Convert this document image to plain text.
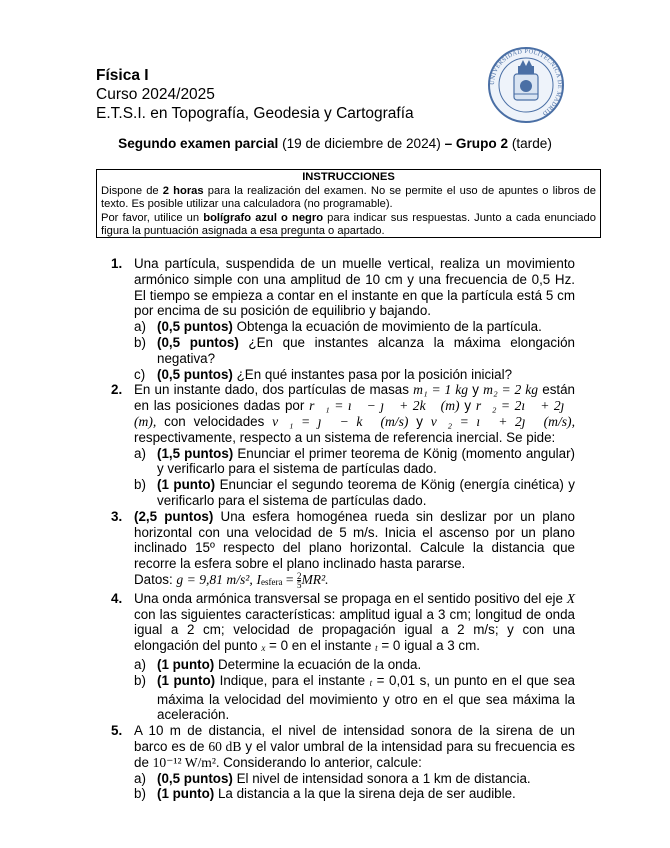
Física I
Curso 2024/2025
E.T.S.I. en Topografía, Geodesia y Cartografía
UNIVERSIDAD POLITECNICA DE MADRID
Segundo examen parcial (19 de diciembre de 2024) – Grupo 2 (tarde)
INSTRUCCIONES

Dispone de 2 horas para la realización del examen. No se permite el uso de apuntes o libros de texto. Es posible utilizar una calculadora (no programable).

Por favor, utilice un bolígrafo azul o negro para indicar sus respuestas. Junto a cada enunciado figura la puntuación asignada a esa pregunta o apartado.

1. Una partícula, suspendida de un muelle vertical, realiza un movimiento armónico simple con una amplitud de 10 cm y una frecuencia de 0,5 Hz. El tiempo se empieza a contar en el instante en que la partícula está 5 cm por encima de su posición de equilibrio y bajando.
a) (0,5 puntos) Obtenga la ecuación de movimiento de la partícula.
b) (0,5 puntos) ¿En que instantes alcanza la máxima elongación negativa?
c) (0,5 puntos) ¿En qué instantes pasa por la posición inicial?
2. En un instante dado, dos partículas de masas m₁ = 1 kg y m₂ = 2 kg están en las posiciones dadas por r⃗₁ = ı⃗ − ȷ⃗ + 2k⃗ (m) y r⃗₂ = 2ı⃗ + 2ȷ⃗ (m), con velocidades v⃗₁ = ȷ⃗ − k⃗ (m/s) y v⃗₂ = ı⃗ + 2ȷ⃗ (m/s), respectivamente, respecto a un sistema de referencia inercial. Se pide:
a) (1,5 puntos) Enunciar el primer teorema de König (momento angular) y verificarlo para el sistema de partículas dado.
b) (1 punto) Enunciar el segundo teorema de König (energía cinética) y verificarlo para el sistema de partículas dado.
3. (2,5 puntos) Una esfera homogénea rueda sin deslizar por un plano horizontal con una velocidad de 5 m/s. Inicia el ascenso por un plano inclinado 15º respecto del plano horizontal. Calcule la distancia que recorre la esfera sobre el plano inclinado hasta pararse.
Datos: g = 9,81 m/s², Iesfera = $\frac{2}{5} MR^2$.
4. Una onda armónica transversal se propaga en el sentido positivo del eje X con las siguientes características: amplitud igual a 3 cm; longitud de onda igual a 2 cm; velocidad de propagación igual a 2 m/s; y con una elongación del punto x = 0 en el instante t = 0 igual a 3 cm.
a) (1 punto) Determine la ecuación de la onda.
b) (1 punto) Indique, para el instante t = 0,01 s, un punto en el que sea máxima la velocidad del movimiento y otro en el que sea máxima la aceleración.
5. A 10 m de distancia, el nivel de intensidad sonora de la sirena de un barco es de 60 dB y el valor umbral de la intensidad para su frecuencia es de 10⁻¹² W/m². Considerando lo anterior, calcule:
a) (0,5 puntos) El nivel de intensidad sonora a 1 km de distancia.
b) (1 punto) La distancia a la que la sirena deja de ser audible.
